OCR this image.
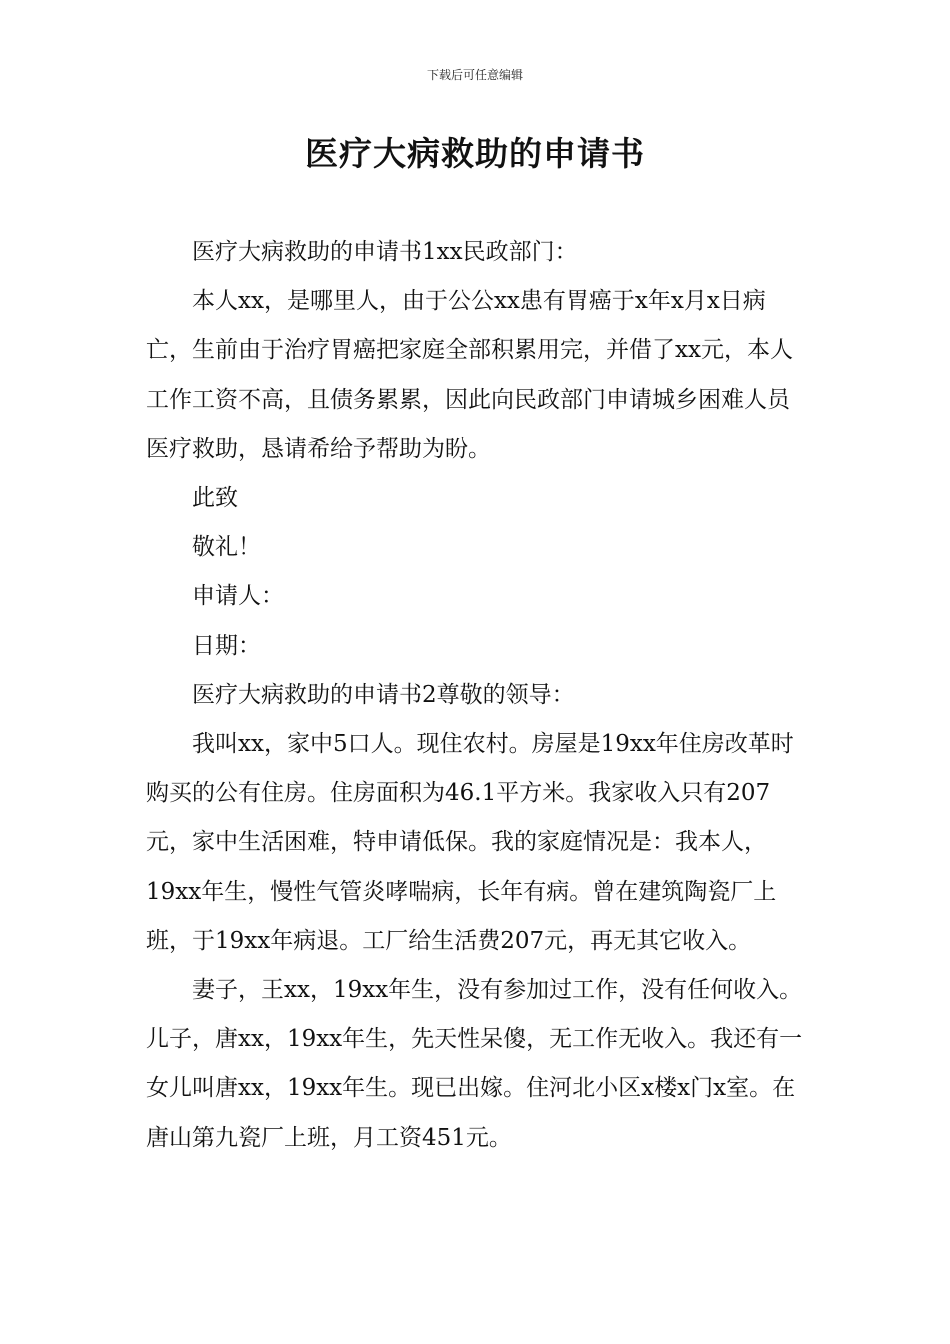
下载后可任意编辑
医疗大病救助的申请书

医疗大病救助的申请书1xx民政部门：

本人xx，是哪里人，由于公公xx患有胃癌于x年x月x日病亡，生前由于治疗胃癌把家庭全部积累用完，并借了xx元，本人工作工资不高，且债务累累，因此向民政部门申请城乡困难人员医疗救助，恳请希给予帮助为盼。

此致

敬礼！

申请人：

日期：

医疗大病救助的申请书2尊敬的领导：

我叫xx，家中5口人。现住农村。房屋是19xx年住房改革时购买的公有住房。住房面积为46.1平方米。我家收入只有207元，家中生活困难，特申请低保。我的家庭情况是：我本人，19xx年生，慢性气管炎哮喘病，长年有病。曾在建筑陶瓷厂上班，于19xx年病退。工厂给生活费207元，再无其它收入。

妻子，王xx，19xx年生，没有参加过工作，没有任何收入。儿子，唐xx，19xx年生，先天性呆傻，无工作无收入。我还有一女儿叫唐xx，19xx年生。现已出嫁。住河北小区x楼x门x室。在唐山第九瓷厂上班，月工资451元。
